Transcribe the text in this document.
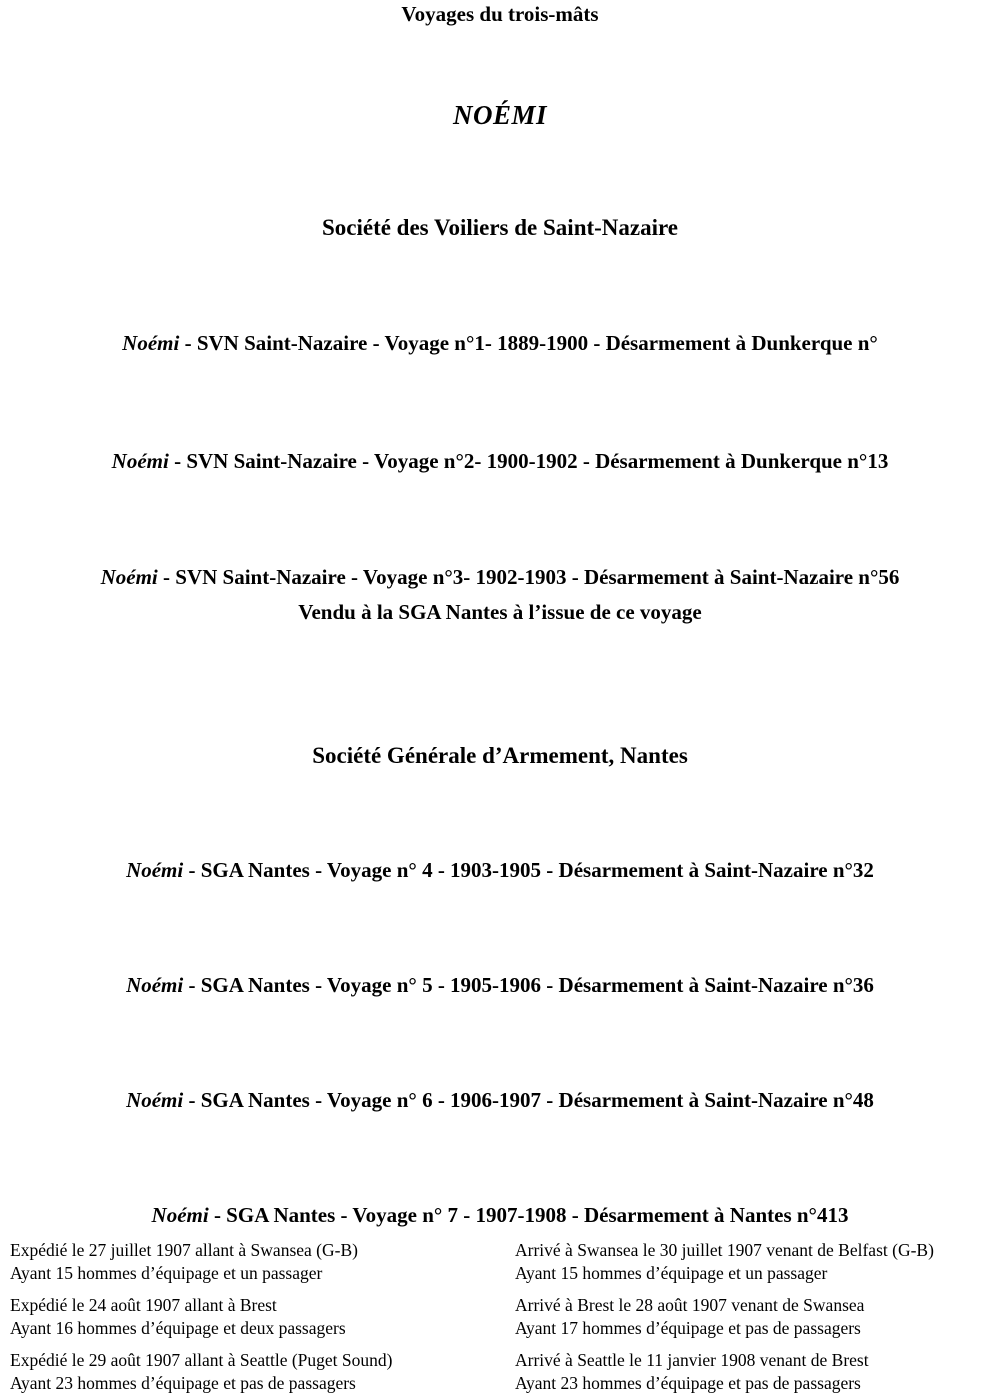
Voyages du trois-mâts

NOÉMI

Société des Voiliers de Saint-Nazaire

Noémi - SVN Saint-Nazaire - Voyage n°1- 1889-1900 - Désarmement à Dunkerque n°

Noémi - SVN Saint-Nazaire - Voyage n°2- 1900-1902 - Désarmement à Dunkerque n°13

Noémi - SVN Saint-Nazaire - Voyage n°3- 1902-1903 - Désarmement à Saint-Nazaire n°56

Vendu à la SGA Nantes à l’issue de ce voyage

Société Générale d’Armement, Nantes

Noémi - SGA Nantes - Voyage n° 4 - 1903-1905 - Désarmement à Saint-Nazaire n°32

Noémi - SGA Nantes - Voyage n° 5 - 1905-1906 - Désarmement à Saint-Nazaire n°36

Noémi - SGA Nantes - Voyage n° 6 - 1906-1907 - Désarmement à Saint-Nazaire n°48

Noémi - SGA Nantes - Voyage n° 7 - 1907-1908 - Désarmement à Nantes n°413

Expédié le 27 juillet 1907 allant à Swansea (G-B)
Ayant 15 hommes d’équipage et un passager
Expédié le 24 août 1907 allant à Brest
Ayant 16 hommes d’équipage et deux passagers
Expédié le 29 août 1907 allant à Seattle (Puget Sound)
Ayant 23 hommes d’équipage et pas de passagers
Arrivé à Swansea le 30 juillet 1907 venant de Belfast (G-B)
Ayant 15 hommes d’équipage et un passager
Arrivé à Brest le 28 août 1907 venant de Swansea
Ayant 17 hommes d’équipage et pas de passagers
Arrivé à Seattle le 11 janvier 1908 venant de Brest
Ayant 23 hommes d’équipage et pas de passagers
